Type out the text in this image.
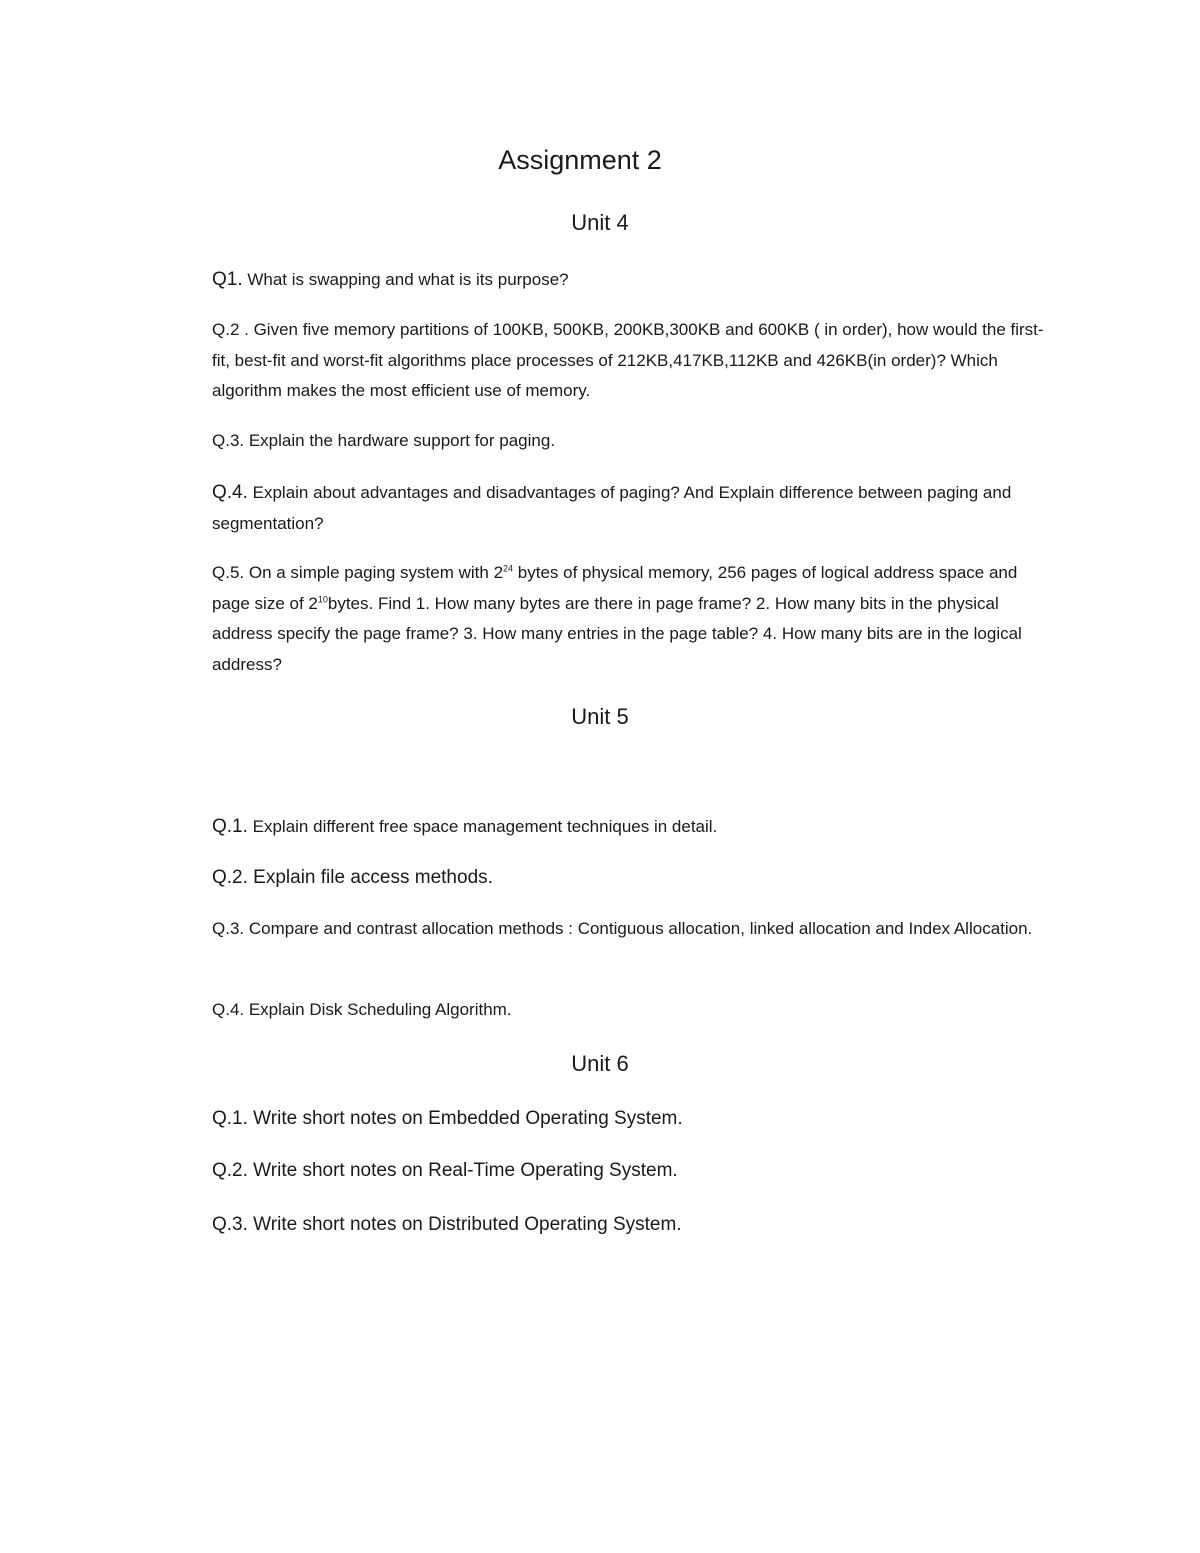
Assignment 2
Unit 4

Q1. What is swapping and what is its purpose?

Q.2 . Given five memory partitions of 100KB, 500KB, 200KB,300KB and 600KB ( in order), how would the first-fit, best-fit and worst-fit algorithms place processes of 212KB,417KB,112KB and 426KB(in order)? Which algorithm makes the most efficient use of memory.

Q.3. Explain the hardware support for paging.

Q.4. Explain about advantages and disadvantages of paging? And Explain difference between paging and segmentation?

Q.5. On a simple paging system with $2^{24}$ bytes of physical memory, 256 pages of logical address space and page size of $2^{10}bytes$. Find 1. How many bytes are there in page frame? 2. How many bits in the physical address specify the page frame? 3. How many entries in the page table? 4. How many bits are in the logical address?

Unit 5

Q.1. Explain different free space management techniques in detail.

Q.2. Explain file access methods.

Q.3. Compare and contrast allocation methods : Contiguous allocation, linked allocation and Index Allocation.

Q.4. Explain Disk Scheduling Algorithm.

Unit 6

Q.1. Write short notes on Embedded Operating System.

Q.2. Write short notes on Real-Time Operating System.

Q.3. Write short notes on Distributed Operating System.
